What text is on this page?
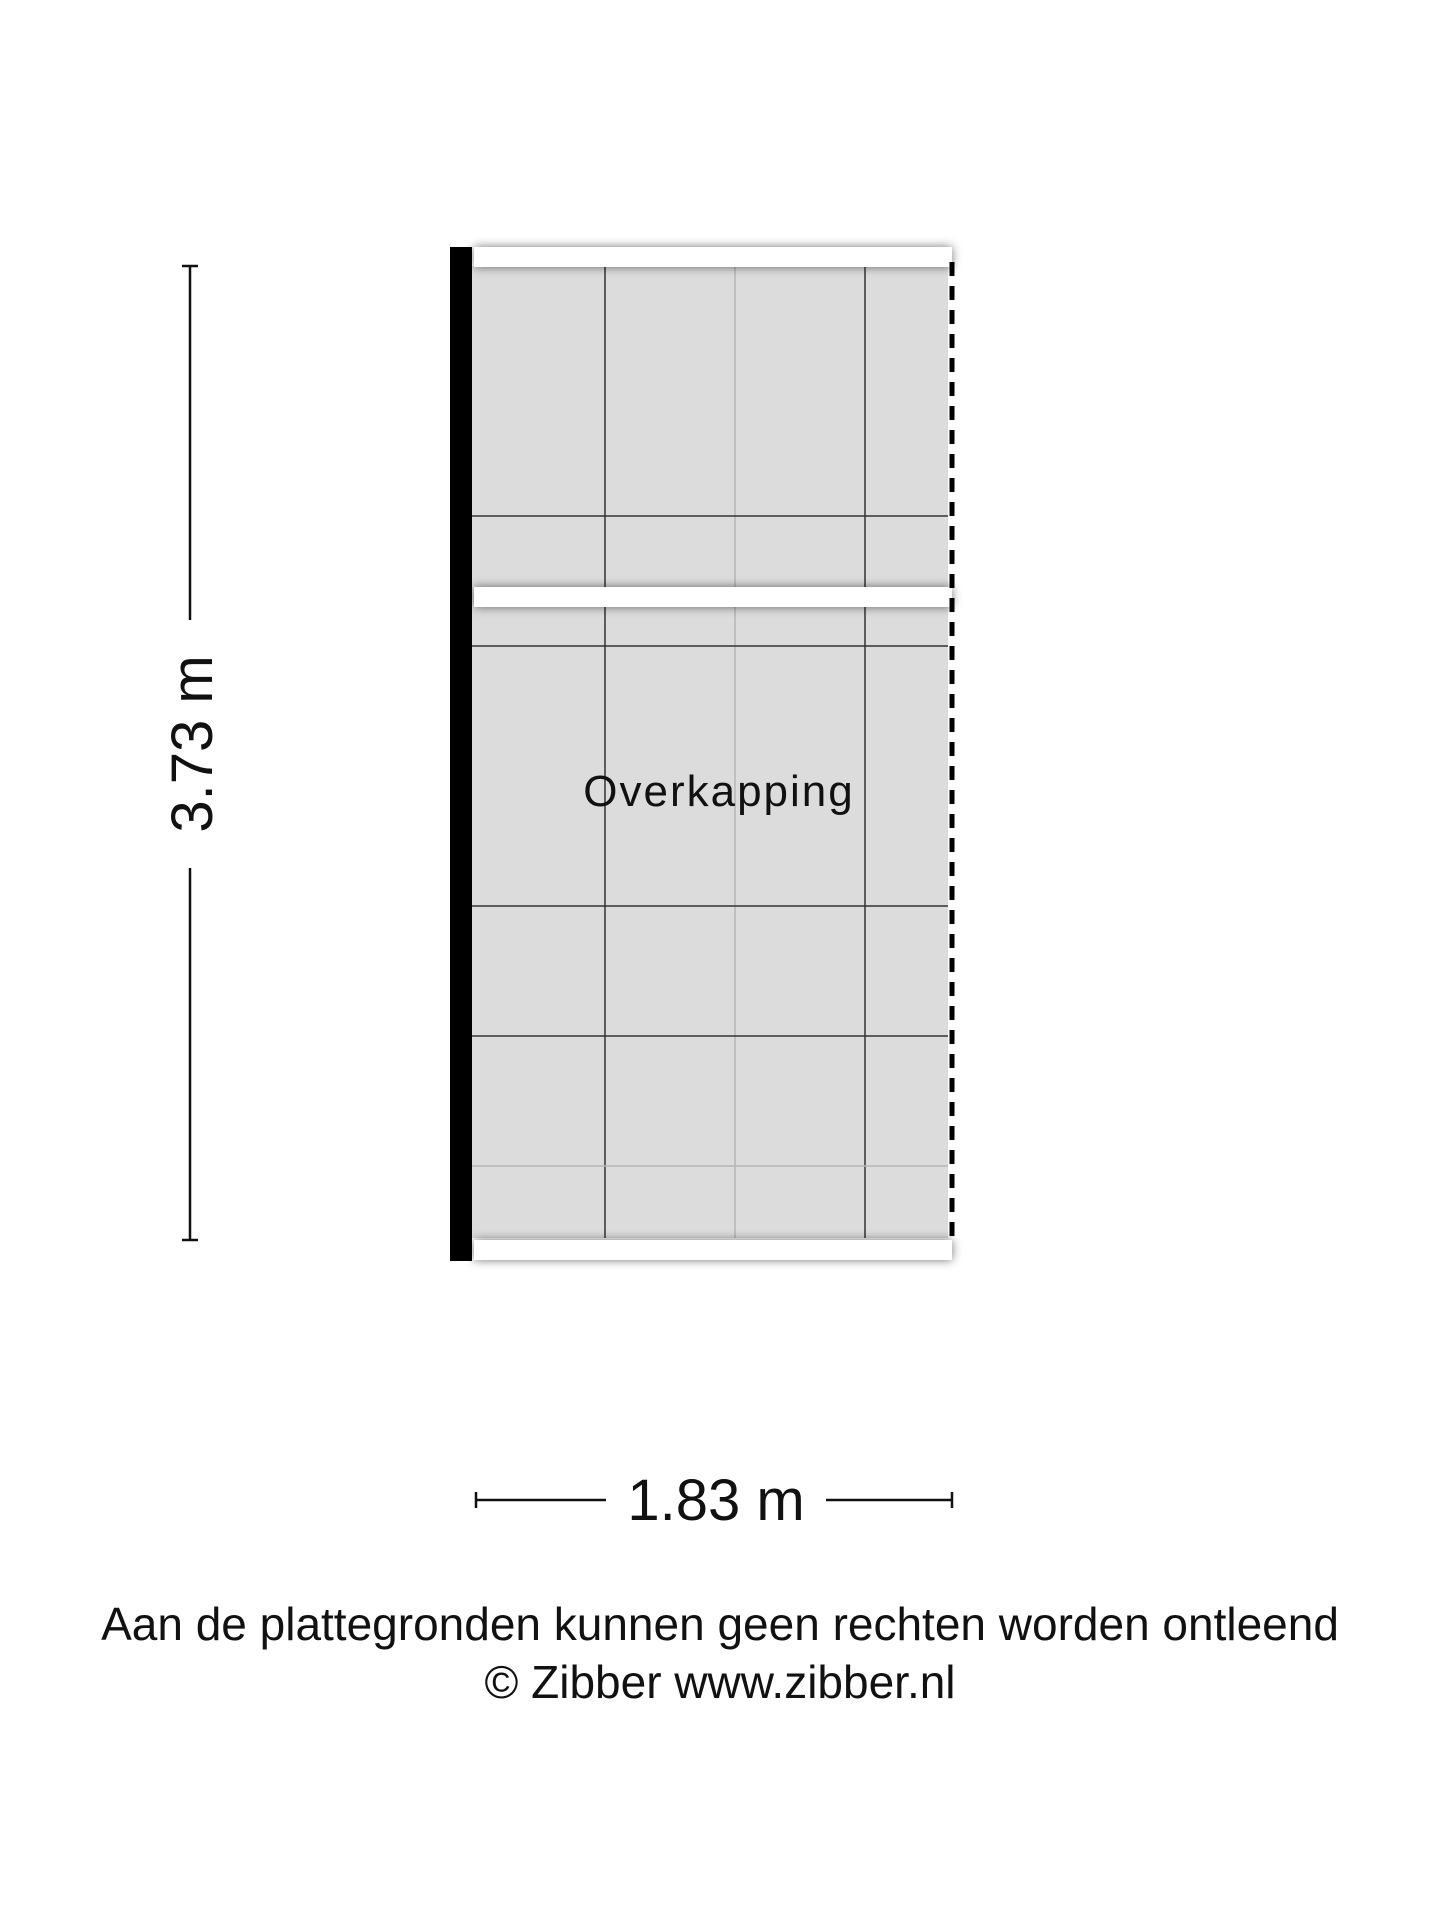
Overkapping
3.73 m
1.83 m
Aan de plattegronden kunnen geen rechten worden ontleend
© Zibber www.zibber.nl
